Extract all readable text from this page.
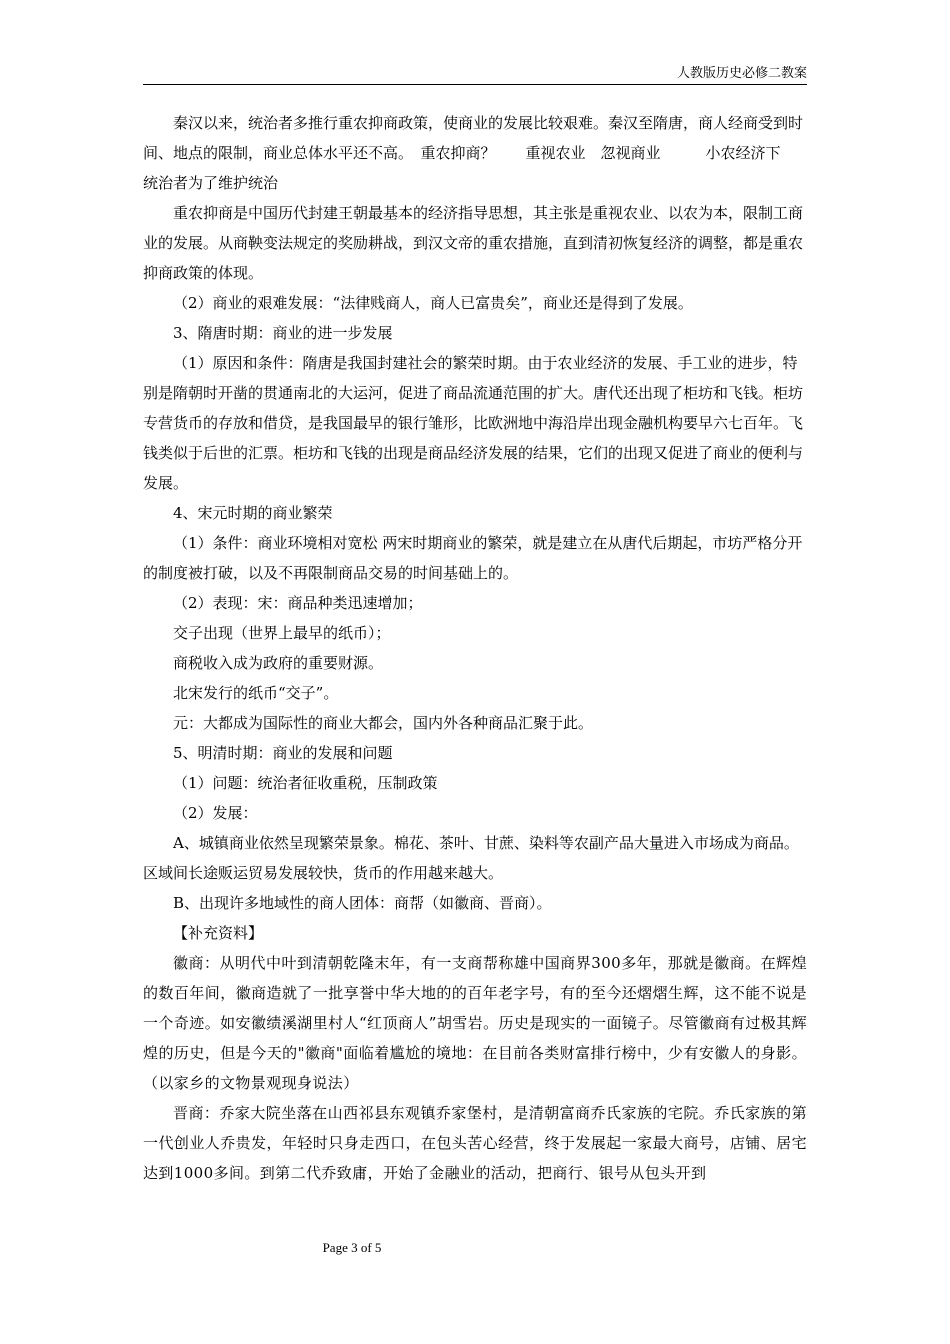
人教版历史必修二教案

秦汉以来，统治者多推行重农抑商政策，使商业的发展比较艰难。秦汉至隋唐，商人经商受到时间、地点的限制，商业总体水平还不高。　重农抑商？　　重视农业　忽视商业　　　小农经济下　　统治者为了维护统治

重农抑商是中国历代封建王朝最基本的经济指导思想，其主张是重视农业、以农为本，限制工商业的发展。从商鞅变法规定的奖励耕战，到汉文帝的重农措施，直到清初恢复经济的调整，都是重农抑商政策的体现。

（2）商业的艰难发展：“法律贱商人，商人已富贵矣”，商业还是得到了发展。

3、隋唐时期：商业的进一步发展

（1）原因和条件：隋唐是我国封建社会的繁荣时期。由于农业经济的发展、手工业的进步，特别是隋朝时开凿的贯通南北的大运河，促进了商品流通范围的扩大。唐代还出现了柜坊和飞钱。柜坊专营货币的存放和借贷，是我国最早的银行雏形，比欧洲地中海沿岸出现金融机构要早六七百年。飞钱类似于后世的汇票。柜坊和飞钱的出现是商品经济发展的结果，它们的出现又促进了商业的便利与发展。

4、宋元时期的商业繁荣

（1）条件：商业环境相对宽松 两宋时期商业的繁荣，就是建立在从唐代后期起，市坊严格分开的制度被打破，以及不再限制商品交易的时间基础上的。

（2）表现：宋：商品种类迅速增加；

交子出现（世界上最早的纸币）；

商税收入成为政府的重要财源。

北宋发行的纸币“交子”。

元：大都成为国际性的商业大都会，国内外各种商品汇聚于此。

5、明清时期：商业的发展和问题

（1）问题：统治者征收重税，压制政策

（2）发展：

A、城镇商业依然呈现繁荣景象。棉花、茶叶、甘蔗、染料等农副产品大量进入市场成为商品。区域间长途贩运贸易发展较快，货币的作用越来越大。

B、出现许多地域性的商人团体：商帮（如徽商、晋商）。

【补充资料】

徽商：从明代中叶到清朝乾隆末年，有一支商帮称雄中国商界300多年，那就是徽商。在辉煌的数百年间，徽商造就了一批享誉中华大地的的百年老字号，有的至今还熠熠生辉，这不能不说是一个奇迹。如安徽绩溪湖里村人“红顶商人”胡雪岩。历史是现实的一面镜子。尽管徽商有过极其辉煌的历史，但是今天的"徽商"面临着尴尬的境地：在目前各类财富排行榜中，少有安徽人的身影。（以家乡的文物景观现身说法）

晋商：乔家大院坐落在山西祁县东观镇乔家堡村，是清朝富商乔氏家族的宅院。乔氏家族的第一代创业人乔贵发，年轻时只身走西口，在包头苦心经营，终于发展起一家最大商号，店铺、居宅达到1000多间。到第二代乔致庸，开始了金融业的活动，把商行、银号从包头开到

Page 3 of 5
